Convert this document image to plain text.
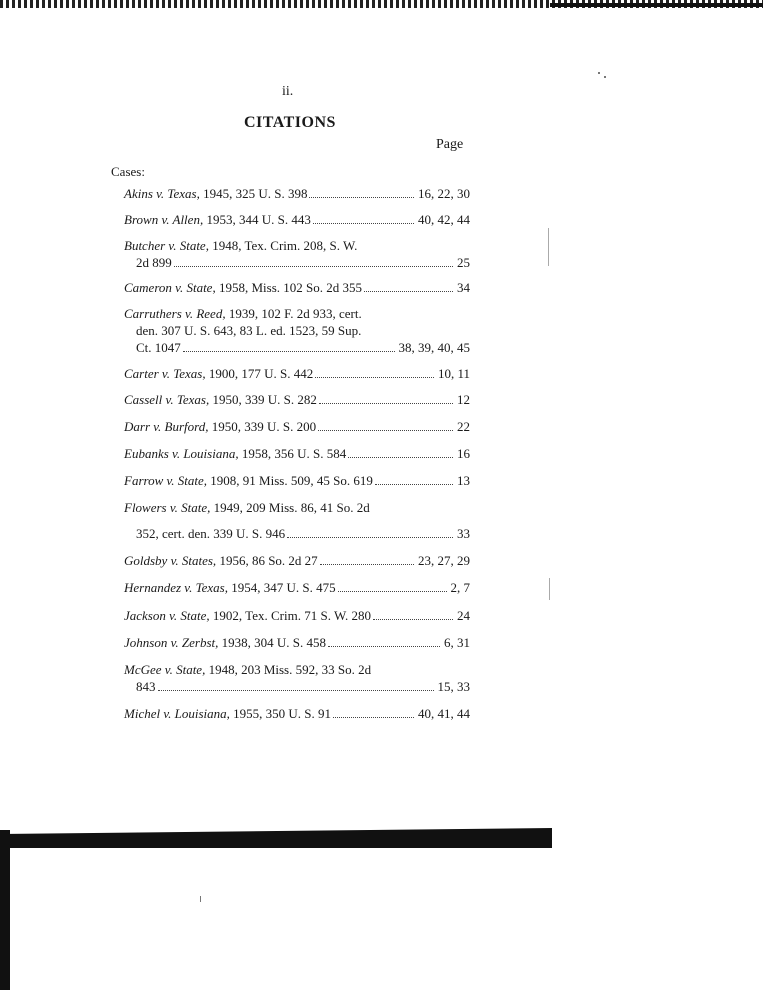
ii.
CITATIONS
Page
Cases:
Akins v. Texas,
1945, 325 U. S. 398	16, 22, 30
Brown v. Allen,
1953, 344 U. S. 443	40, 42, 44
Butcher v. State,
1948, Tex. Crim. 208, S. W.
2d 899	25
Cameron v. State,
1958, Miss. 102 So. 2d 355	34
Carruthers v. Reed,
1939, 102 F. 2d 933, cert.
den. 307 U. S. 643, 83 L. ed. 1523, 59 Sup.
Ct. 1047	38, 39, 40, 45
Carter v. Texas,
1900, 177 U. S. 442	10, 11
Cassell v. Texas,
1950, 339 U. S. 282	12
Darr v. Burford,
1950, 339 U. S. 200	22
Eubanks v. Louisiana,
1958, 356 U. S. 584	16
Farrow v. State,
1908, 91 Miss. 509, 45 So. 619	13
Flowers v. State,
1949, 209 Miss. 86, 41 So. 2d
352, cert. den. 339 U. S. 946	33
Goldsby v. States,
1956, 86 So. 2d 27	23, 27, 29
Hernandez v. Texas,
1954, 347 U. S. 475	2, 7
Jackson v. State,
1902, Tex. Crim. 71 S. W. 280	24
Johnson v. Zerbst,
1938, 304 U. S. 458	6, 31
McGee v. State,
1948, 203 Miss. 592, 33 So. 2d
843	15, 33
Michel v. Louisiana,
1955, 350 U. S. 91	40, 41, 44
